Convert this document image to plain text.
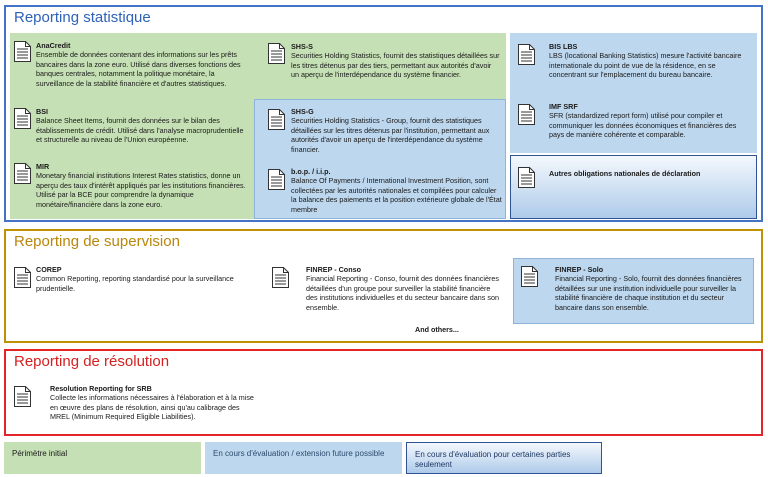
Reporting statistique
AnaCredit
Ensemble de données contenant des informations sur les prêts bancaires dans la zone euro. Utilisé dans diverses fonctions des banques centrales, notamment la politique monétaire, la surveillance de la stabilité financière et d'autres statistiques.
BSI
Balance Sheet Items, fournit des données sur le bilan des établissements de crédit. Utilisé dans l'analyse macroprudentielle et structurelle au niveau de l'Union européenne.
MIR
Monetary financial institutions Interest Rates statistics, donne un aperçu des taux d'intérêt appliqués par les institutions financières. Utilisé par la BCE pour comprendre la dynamique monétaire/financière dans la zone euro.
SHS-S
Securities Holding Statistics, fournit des statistiques détaillées sur les titres détenus par des tiers, permettant aux autorités d'avoir un aperçu de l'interdépendance du système financier.
SHS-G
Securities Holding Statistics - Group, fournit des statistiques détaillées sur les titres détenus par l'institution, permettant aux autorités d'avoir un aperçu de l'interdépendance du système financier.
b.o.p. / i.i.p.
Balance Of Payments / International Investment Position, sont collectées par les autorités nationales et compilées pour calculer la balance des paiements et la position extérieure globale de l'État membre
BIS LBS
LBS (locational Banking Statistics) mesure l'activité bancaire internationale du point de vue de la résidence, en se concentrant sur l'emplacement du bureau bancaire.
IMF SRF
SFR (standardized report form) utilisé pour compiler et communiquer les données économiques et financières des pays de manière cohérente et comparable.
Autres obligations nationales de déclaration
Reporting de supervision
COREP
Common Reporting, reporting standardisé pour la surveillance prudentielle.
FINREP - Conso
Financial Reporting - Conso, fournit des données financières détaillées d'un groupe pour surveiller la stabilité financière des institutions individuelles et du secteur bancaire dans son ensemble.
And others...
FINREP - Solo
Financial Reporting - Solo, fournit des données financières détaillées sur une institution individuelle pour surveiller la stabilité financière de chaque institution et du secteur bancaire dans son ensemble.
Reporting de résolution
Resolution Reporting for SRB
Collecte les informations nécessaires à l'élaboration et à la mise en œuvre des plans de résolution, ainsi qu'au calibrage des MREL (Minimum Required Eligible Liabilities).
Périmètre initial	En cours d'évaluation / extension future possible	En cours d'évaluation pour certaines parties seulement
